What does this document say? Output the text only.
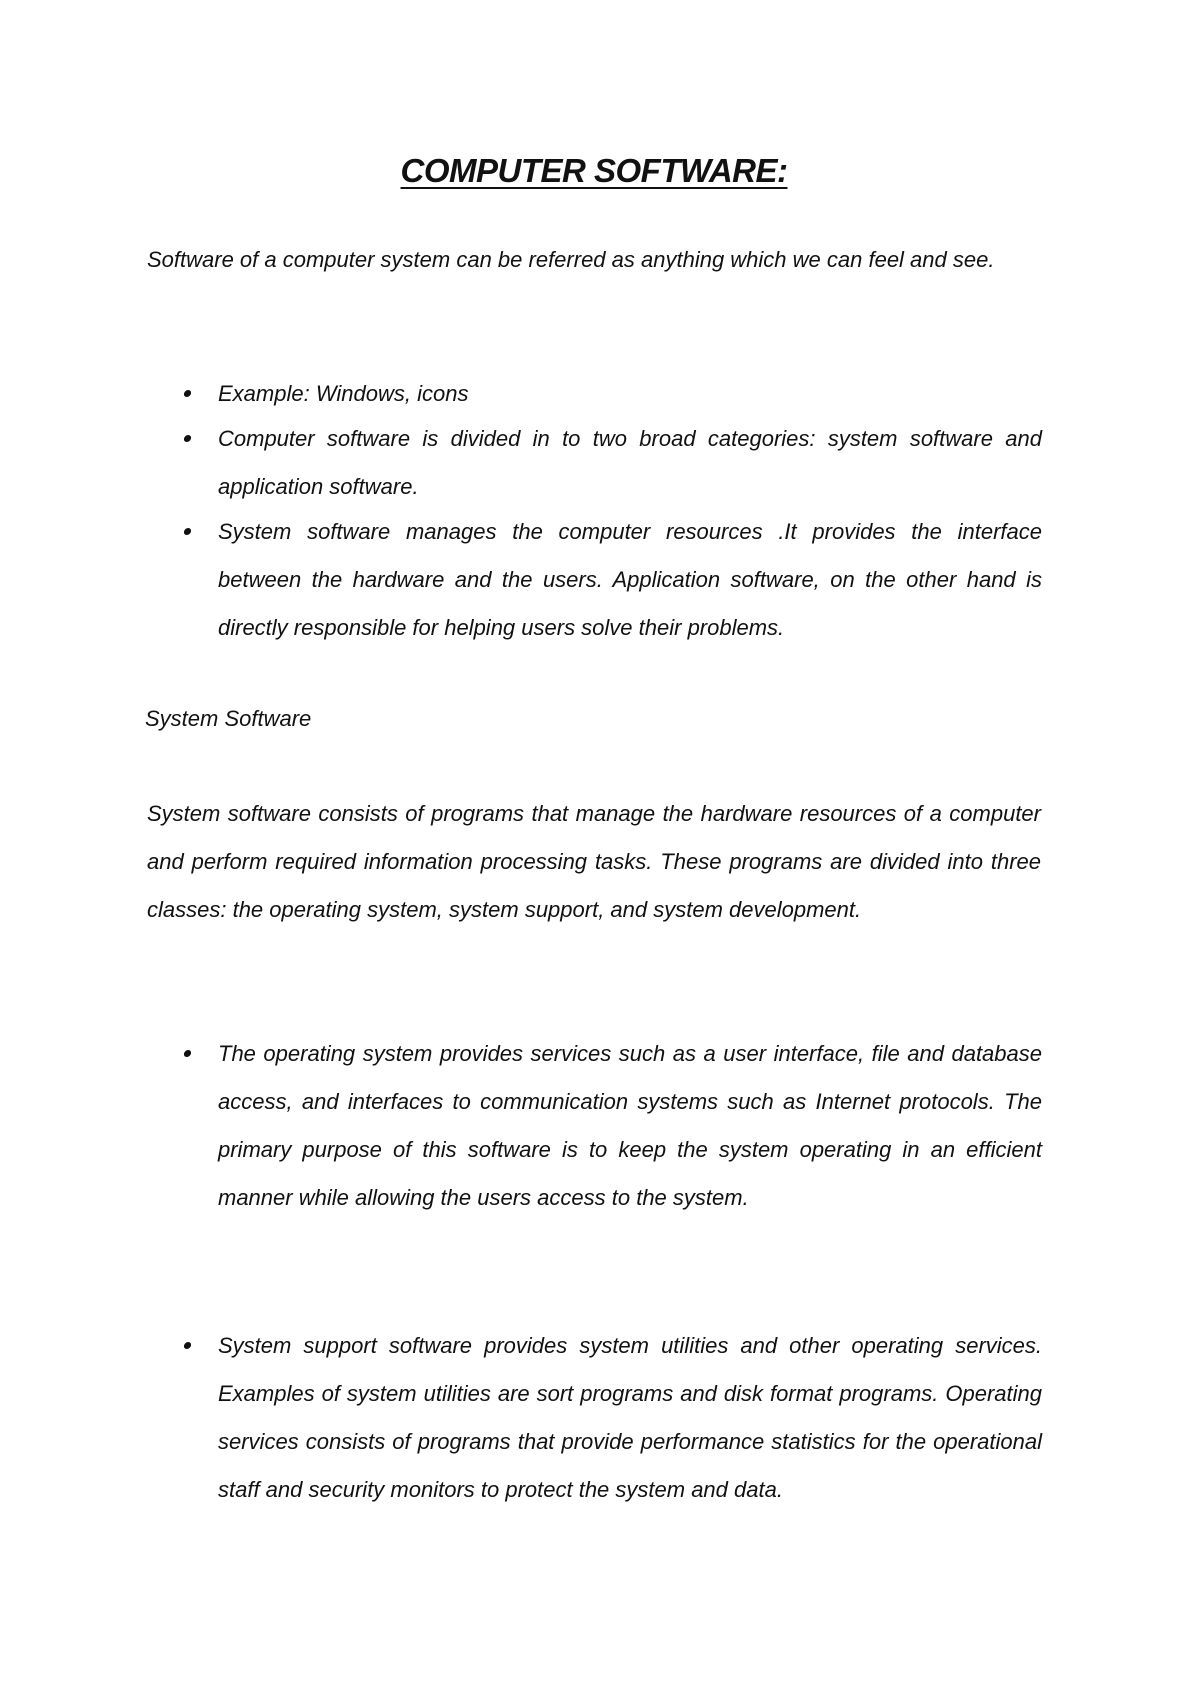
COMPUTER SOFTWARE:
Software of a computer system can be referred as anything which we can feel and see.
Example: Windows, icons
Computer software is divided in to two broad categories: system software and application software.
System software manages the computer resources .It provides the interface between the hardware and the users. Application software, on the other hand is directly responsible for helping users solve their problems.
System Software
System software consists of programs that manage the hardware resources of a computer and perform required information processing tasks. These programs are divided into three classes: the operating system, system support, and system development.
The operating system provides services such as a user interface, file and database access, and interfaces to communication systems such as Internet protocols. The primary purpose of this software is to keep the system operating in an efficient manner while allowing the users access to the system.
System support software provides system utilities and other operating services. Examples of system utilities are sort programs and disk format programs. Operating services consists of programs that provide performance statistics for the operational staff and security monitors to protect the system and data.
